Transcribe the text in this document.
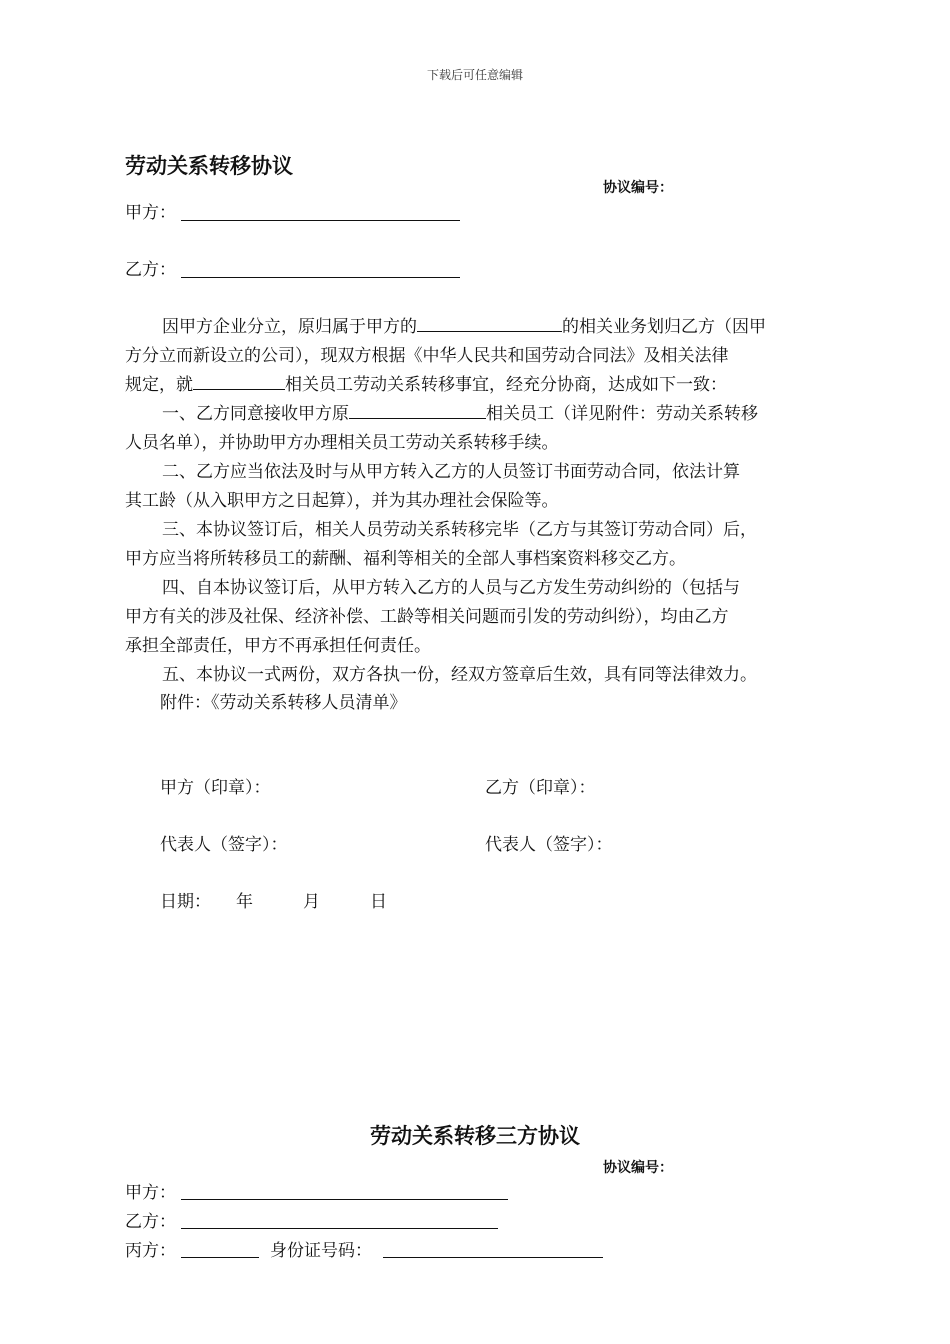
下载后可任意编辑
劳动关系转移协议
协议编号：
甲方：
乙方：
因甲方企业分立，原归属于甲方的	的相关业务划归乙方（因甲
方分立而新设立的公司），现双方根据《中华人民共和国劳动合同法》及相关法律
规定，就	相关员工劳动关系转移事宜，经充分协商，达成如下一致：
一、乙方同意接收甲方原	相关员工（详见附件：劳动关系转移
人员名单），并协助甲方办理相关员工劳动关系转移手续。
二、乙方应当依法及时与从甲方转入乙方的人员签订书面劳动合同，依法计算
其工龄（从入职甲方之日起算），并为其办理社会保险等。
三、本协议签订后，相关人员劳动关系转移完毕（乙方与其签订劳动合同）后，
甲方应当将所转移员工的薪酬、福利等相关的全部人事档案资料移交乙方。
四、自本协议签订后，从甲方转入乙方的人员与乙方发生劳动纠纷的（包括与
甲方有关的涉及社保、经济补偿、工龄等相关问题而引发的劳动纠纷），均由乙方
承担全部责任，甲方不再承担任何责任。
五、本协议一式两份，双方各执一份，经双方签章后生效，具有同等法律效力。
附件：《劳动关系转移人员清单》
甲方（印章）：	乙方（印章）：
代表人（签字）：	代表人（签字）：
日期： 年	月	日
劳动关系转移三方协议
协议编号：
甲方：
乙方：
丙方：	身份证号码：
